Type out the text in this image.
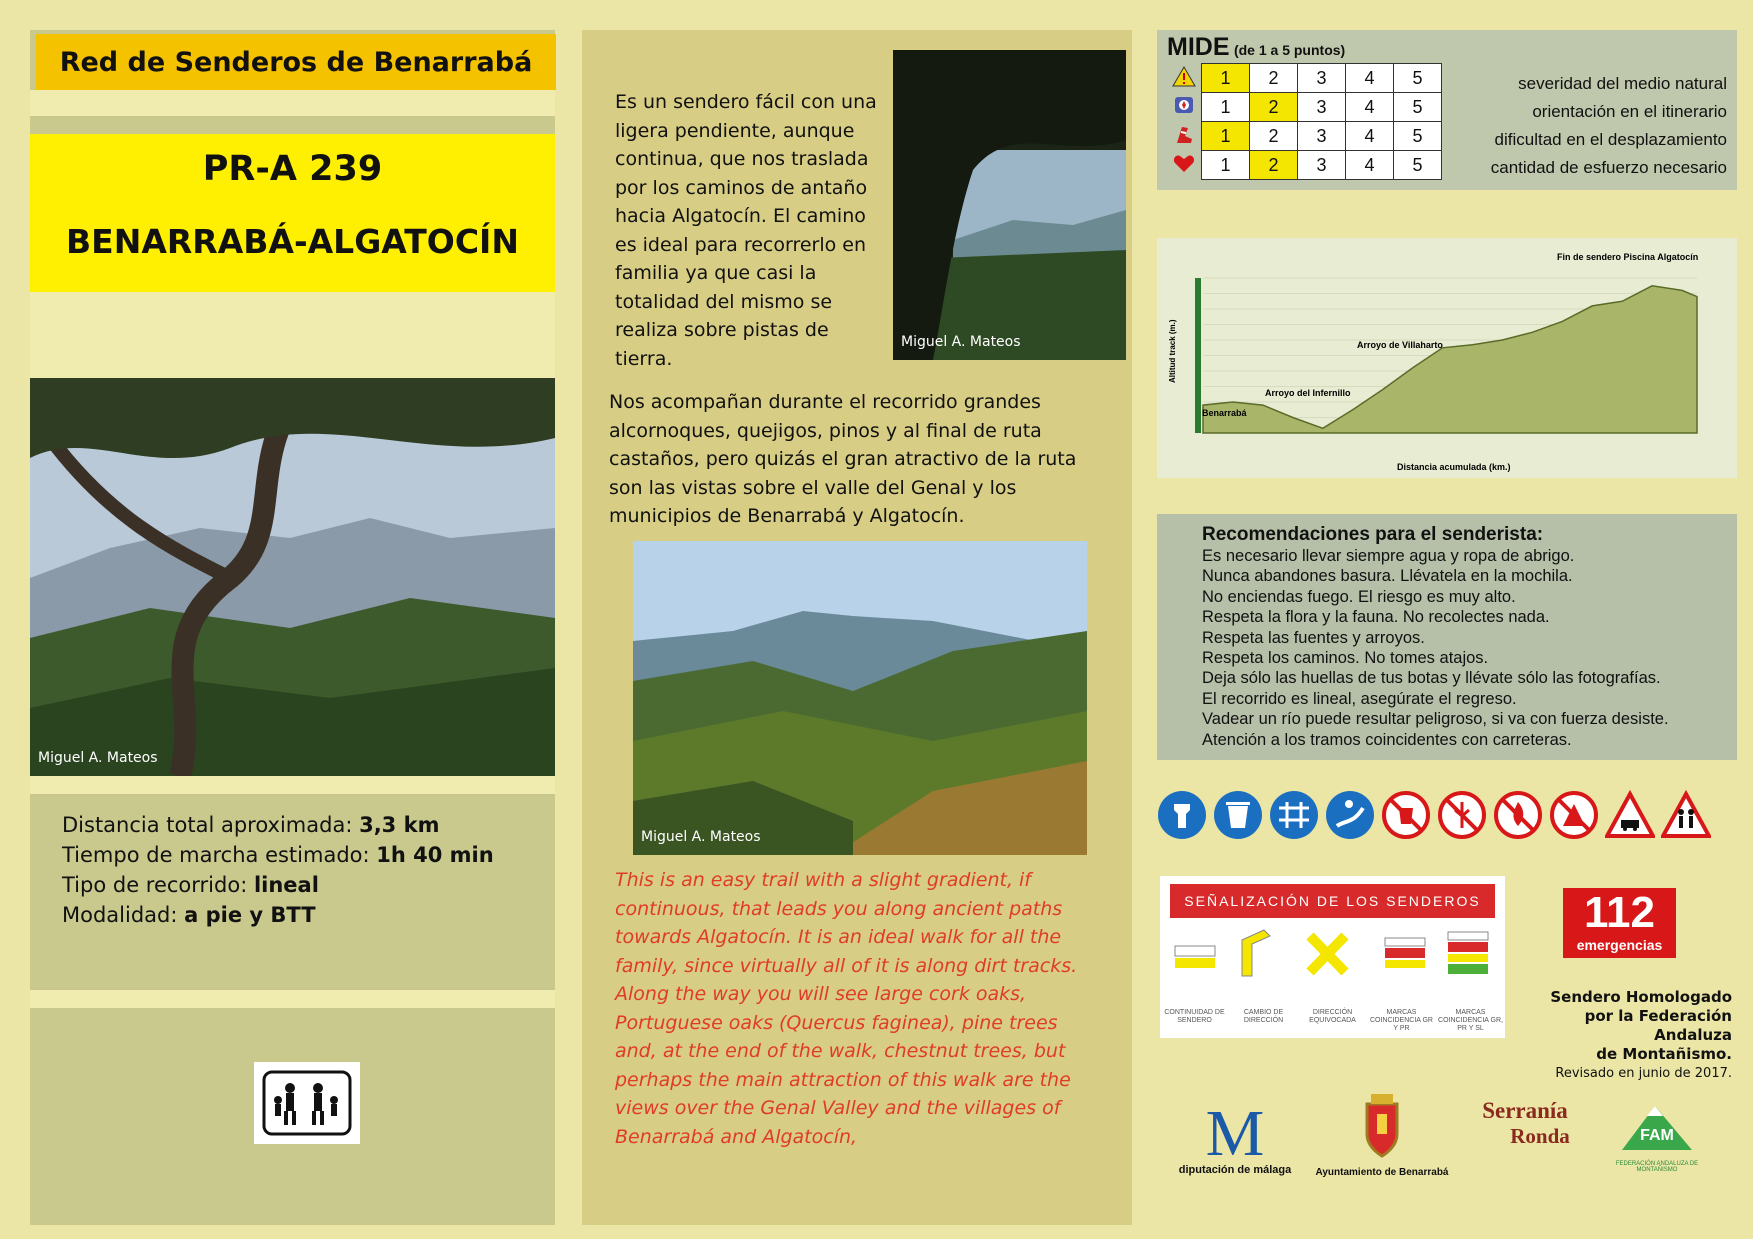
Red de Senderos de Benarrabá
PR-A 239
BENARRABÁ-ALGATOCÍN
Miguel A. Mateos
Distancia total aproximada: 3,3 km
Tiempo de marcha estimado: 1h 40 min
Tipo de recorrido: lineal
Modalidad: a pie y BTT
Es un sendero fácil con una ligera pendiente, aunque continua, que nos traslada por los caminos de antaño hacia Algatocín. El camino es ideal para recorrerlo en familia ya que casi la totalidad del mismo se realiza sobre pistas de tierra.
Miguel A. Mateos
Nos acompañan durante el recorrido grandes alcornoques, quejigos, pinos y al final de ruta castaños, pero quizás el gran atractivo de la ruta son las vistas sobre el valle del Genal y los municipios de Benarrabá y Algatocín.
Miguel A. Mateos
This is an easy trail with a slight gradient, if continuous, that leads you along ancient paths towards Algatocín. It is an ideal walk for all the family, since virtually all of it is along dirt tracks. Along the way you will see large cork oaks, Portuguese oaks (Quercus faginea), pine trees and, at the end of the walk, chestnut trees, but perhaps the main attraction of this walk are the views over the Genal Valley and the villages of Benarrabá and Algatocín,
MIDE (de 1 a 5 puntos)
	1	2	3	4	5
	1	2	3	4	5
	1	2	3	4	5
	1	2	3	4	5
severidad del medio natural
orientación en el itinerario
dificultad en el desplazamiento
cantidad de esfuerzo necesario
Altitud track (m.)
Distancia acumulada (km.)
Benarrabá
Arroyo del Infernillo
Arroyo de Villaharto
Fin de sendero Piscina Algatocín
Recomendaciones para el senderista:
Es necesario llevar siempre agua y ropa de abrigo.
Nunca abandones basura. Llévatela en la mochila.
No enciendas fuego. El riesgo es muy alto.
Respeta la flora y la fauna. No recolectes nada.
Respeta las fuentes y arroyos.
Respeta los caminos. No tomes atajos.
Deja sólo las huellas de tus botas y llévate sólo las fotografías.
El recorrido es lineal, asegúrate el regreso.
Vadear un río puede resultar peligroso, si va con fuerza desiste.
Atención a los tramos coincidentes con carreteras.
SEÑALIZACIÓN DE LOS SENDEROS
CONTINUIDAD DE SENDERO
CAMBIO DE DIRECCIÓN
DIRECCIÓN EQUIVOCADA
MARCAS COINCIDENCIA GR Y PR
MARCAS COINCIDENCIA GR, PR Y SL
112
emergencias
Sendero Homologado
por la Federación Andaluza
de Montañismo.
Revisado en junio de 2017.
M
diputación de málaga	Ayuntamiento de Benarrabá
Serranía
Ronda	FAM
FEDERACIÓN ANDALUZA DE MONTAÑISMO
